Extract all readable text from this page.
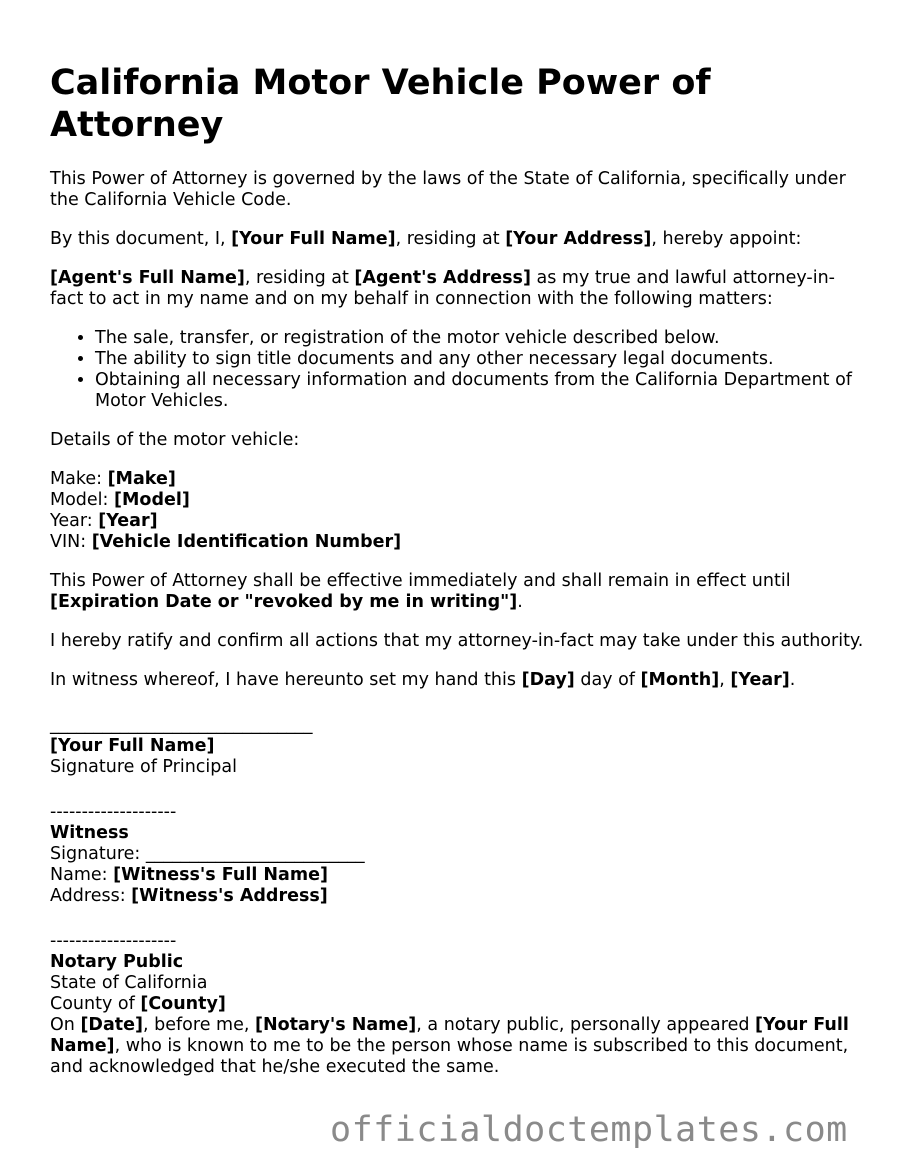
California Motor Vehicle Power of Attorney

This Power of Attorney is governed by the laws of the State of California, specifically under the California Vehicle Code.

By this document, I, [Your Full Name], residing at [Your Address], hereby appoint:

[Agent's Full Name], residing at [Agent's Address] as my true and lawful attorney-in-fact to act in my name and on my behalf in connection with the following matters:

• The sale, transfer, or registration of the motor vehicle described below.
• The ability to sign title documents and any other necessary legal documents.
• Obtaining all necessary information and documents from the California Department of Motor Vehicles.

Details of the motor vehicle:

Make: [Make]
Model: [Model]
Year: [Year]
VIN: [Vehicle Identification Number]

This Power of Attorney shall be effective immediately and shall remain in effect until [Expiration Date or "revoked by me in writing"].

I hereby ratify and confirm all actions that my attorney-in-fact may take under this authority.

In witness whereof, I have hereunto set my hand this [Day] day of [Month], [Year].

______________________________
[Your Full Name]
Signature of Principal
--------------------
Witness
Signature: _________________________
Name: [Witness's Full Name]
Address: [Witness's Address]
--------------------
Notary Public
State of California
County of [County]
On [Date], before me, [Notary's Name], a notary public, personally appeared [Your Full Name], who is known to me to be the person whose name is subscribed to this document, and acknowledged that he/she executed the same.
officialdoctemplates.com
